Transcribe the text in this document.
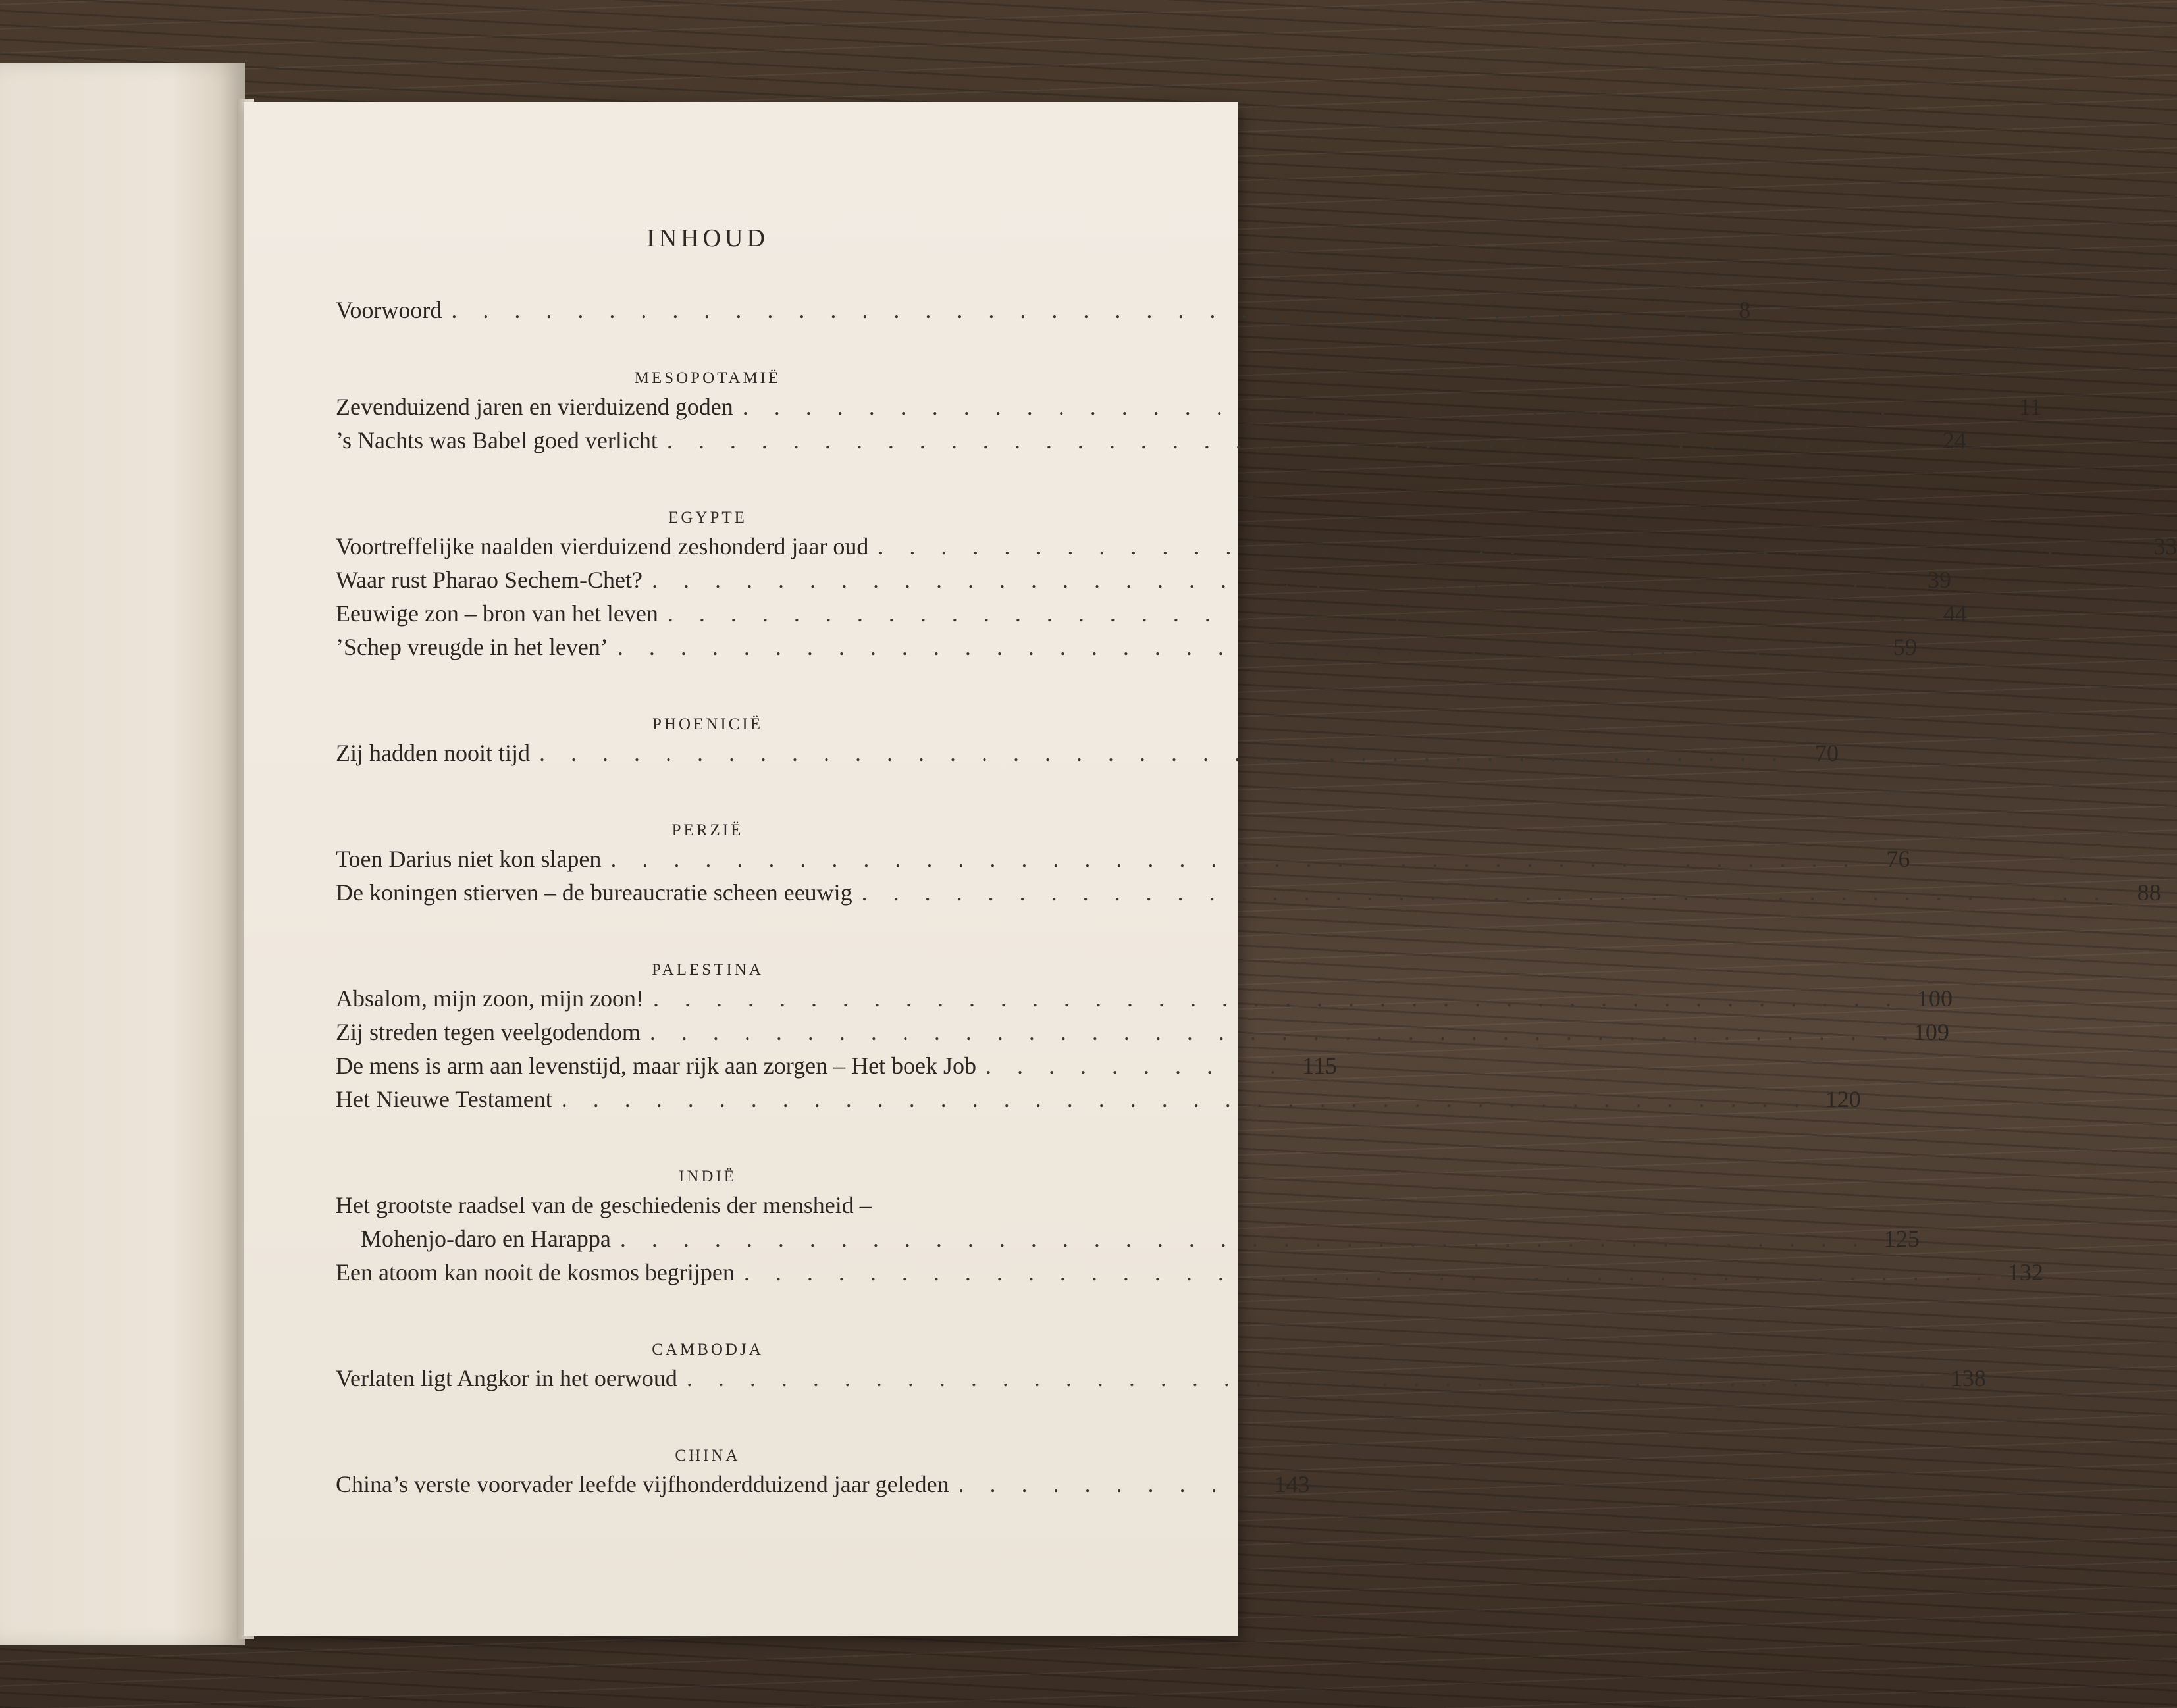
INHOUD
Voorwoord . . . . . . . . . . . . . . . . . . . . . . . . . . . . . . . . . . . . . . . .	8
MESOPOTAMIË
Zevenduizend jaren en vierduizend goden . . . . . . . . . . . . . . . . . . . . . . . . . . . . . . . . . . . . . . . .	11
’s Nachts was Babel goed verlicht . . . . . . . . . . . . . . . . . . . . . . . . . . . . . . . . . . . . . . . .	24
EGYPTE
Voortreffelijke naalden vierduizend zeshonderd jaar oud . . . . . . . . . . . . . . . . . . . . . . . . . . . . . . . . . . . . . . . .	33
Waar rust Pharao Sechem-Chet? . . . . . . . . . . . . . . . . . . . . . . . . . . . . . . . . . . . . . . . .	39
Eeuwige zon – bron van het leven . . . . . . . . . . . . . . . . . . . . . . . . . . . . . . . . . . . . . . . .	44
’Schep vreugde in het leven’ . . . . . . . . . . . . . . . . . . . . . . . . . . . . . . . . . . . . . . . .	59
PHOENICIË
Zij hadden nooit tijd . . . . . . . . . . . . . . . . . . . . . . . . . . . . . . . . . . . . . . . .	70
PERZIË
Toen Darius niet kon slapen . . . . . . . . . . . . . . . . . . . . . . . . . . . . . . . . . . . . . . . .	76
De koningen stierven – de bureaucratie scheen eeuwig . . . . . . . . . . . . . . . . . . . . . . . . . . . . . . . . . . . . . . . .	88
PALESTINA
Absalom, mijn zoon, mijn zoon! . . . . . . . . . . . . . . . . . . . . . . . . . . . . . . . . . . . . . . . . 100
Zij streden tegen veelgodendom . . . . . . . . . . . . . . . . . . . . . . . . . . . . . . . . . . . . . . . . 109
De mens is arm aan levenstijd, maar rijk aan zorgen – Het boek Job . . . . . . . . . . 115
Het Nieuwe Testament . . . . . . . . . . . . . . . . . . . . . . . . . . . . . . . . . . . . . . . . 120
INDIË
Het grootste raadsel van de geschiedenis der mensheid –
Mohenjo-daro en Harappa . . . . . . . . . . . . . . . . . . . . . . . . . . . . . . . . . . . . . . . . 125
Een atoom kan nooit de kosmos begrijpen . . . . . . . . . . . . . . . . . . . . . . . . . . . . . . . . . . . . . . . . 132
CAMBODJA
Verlaten ligt Angkor in het oerwoud . . . . . . . . . . . . . . . . . . . . . . . . . . . . . . . . . . . . . . . . 138
CHINA
China’s verste voorvader leefde vijfhonderdduizend jaar geleden . . . . . . . . . . 143
